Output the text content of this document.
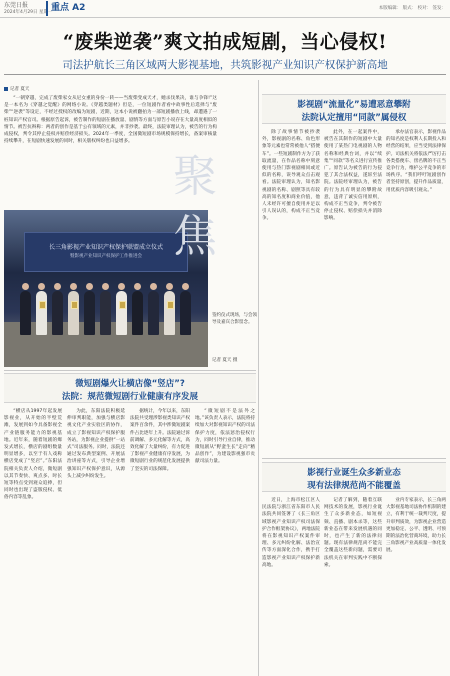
东莞日报
2024年4月29日 星期一
重点 A2	本版编辑： 版式： 校对： 签发：
“废柴逆袭”爽文拍成短剧，当心侵权!
司法护航长三角区域两大影视基地，共筑影视产业知识产权保护新高地
记者 夏天
“一朝穿越，完成了废柴家女从尼女重的身份一转——当废柴变成天才，她杀伐果决，谁与争锋!”这是一本名为《穿越之觉醒》的网络小说。《穿越类题材》但是，一位短剧作者看中故事性后选择与“废柴”“逆袭”等设定，不经过授权的改编为短剧，近期，这本小说被翻拍为一部短剧播放上线，却遭遇了一桩知识产权官司。根据原告起诉，被告制作的短剧在播放量、剧情等方面与原告小说存在大量高度相似的情节。被告抗辩称：两者的创作是基于公有领域的元素，并非抄袭。最终，法院审理认为，被告的行为构成侵权，判令其停止侵权并赔偿经济损失。2024年一季度，全国微短剧市场规模保持增长，备案审核量持续攀升，在短剧快速发展的同时，相关版权纠纷也日益增多。
长三角影视产业知识产权保护联盟成立仪式
暨影视产业知识产权保护工作推进会
签约仪式现场，与会领导及嘉宾合影留念。
记者 夏天 摄
影视剧“流量化”易遭恶意攀附
法院认定擅用“同款”属侵权

除了故事情节被抄袭外，影视剧的名称、角色形象等元素也常常被他人“搭便车”。一些短剧制作方为了获取流量，在作品名称中刻意使用与热门影视剧相同或近似的名称，误导观众点击观看。法院审理认为，知名影视剧的名称、剧照等具有较高的知名度和商业价值，他人未经许可擅自使用并足以引人误认的，构成不正当竞争。

此外，在一起案件中，被告在其制作的短剧中大量使用了某热门电视剧的人物名称和经典台词，并以“续集”“同款”等名义进行宣传推广。原告认为被告的行为侵犯了其合法权益，遂诉至法院。法院经审理认为，被告的行为具有明显的攀附故意，违背了诚实信用原则，构成不正当竞争，判令被告停止侵权、赔偿损失并消除影响。

承办法官表示，影视作品的知名度是权利人长期投入和经营的结果，应当受到法律保护。司法机关将依法严厉打击各类搭便车、傍名牌的不正当竞争行为，维护公平竞争的市场秩序。“我们呼吁短剧创作者坚持原创，提升作品质量，用优质内容吸引观众。”

微短剧爆火让横店像“竖店”?
法院：规范微短剧行业健康有序发展

“横店从1997年起发展影视业，从开始的半壁荒滩，发展到如今具备影视全产业链服务能力的影视基地。近年来，随着短剧的爆发式增长，横店的剧组数量明显增多，以至于有人戏称横店变成了“竖店”。”东阳法院相关负责人介绍，微短剧以其节奏快、爽点多、时长短等特点受到观众追捧，但同时也出现了盗版侵权、低俗内容等乱象。

为此，东阳法院积极延伸审判职能，加强与横店影视文化产业实验区的协作，成立了影视知识产权保护服务站，为影视企业提供“一站式”司法服务。同时，法院还通过发布典型案例、开展法治讲座等方式，引导企业增强知识产权保护意识，从源头上减少纠纷发生。

据统计，今年以来，东阳法院共受理涉影视类知识产权案件百余件，其中涉微短剧案件占比逐年上升。法院通过诉前调解、多元化解等方式，高效化解了大量纠纷，有力促进了影视产业健康有序发展，为微短剧行业的规范化发展提供了坚实的司法保障。

“微短剧不是法外之地。”该负责人表示，法院将持续加大对影视知识产权的司法保护力度，依法惩治侵权行为，同时引导行业自律，推动微短剧从“野蛮生长”走向“精品创作”，为建设影视强市贡献司法力量。

影视行业诞生众多新业态
现有法律规范尚不能覆盖

近日，上海市松江区人民法院与浙江省东阳市人民法院共同签署了《长三角区域影视产业知识产权司法保护合作框架协议》，两地法院将在影视知识产权案件审理、多元纠纷化解、法治宣传等方面深化合作，携手打造影视产业知识产权保护新高地。

记者了解到，随着互联网技术的发展，影视行业诞生了众多新业态，如短视频、直播、剧本杀等，这些新业态在带来发展机遇的同时，也产生了新的法律问题。现有法律规范尚不能完全覆盖这些新问题，需要司法机关在审判实践中不断探索。

业内专家表示，长三角两大影视基地司法协作机制的建立，有利于统一裁判尺度，提升审判质效，为影视企业营造更加稳定、公平、透明、可预期的法治化营商环境，助力长三角影视产业高质量一体化发展。

聚焦
